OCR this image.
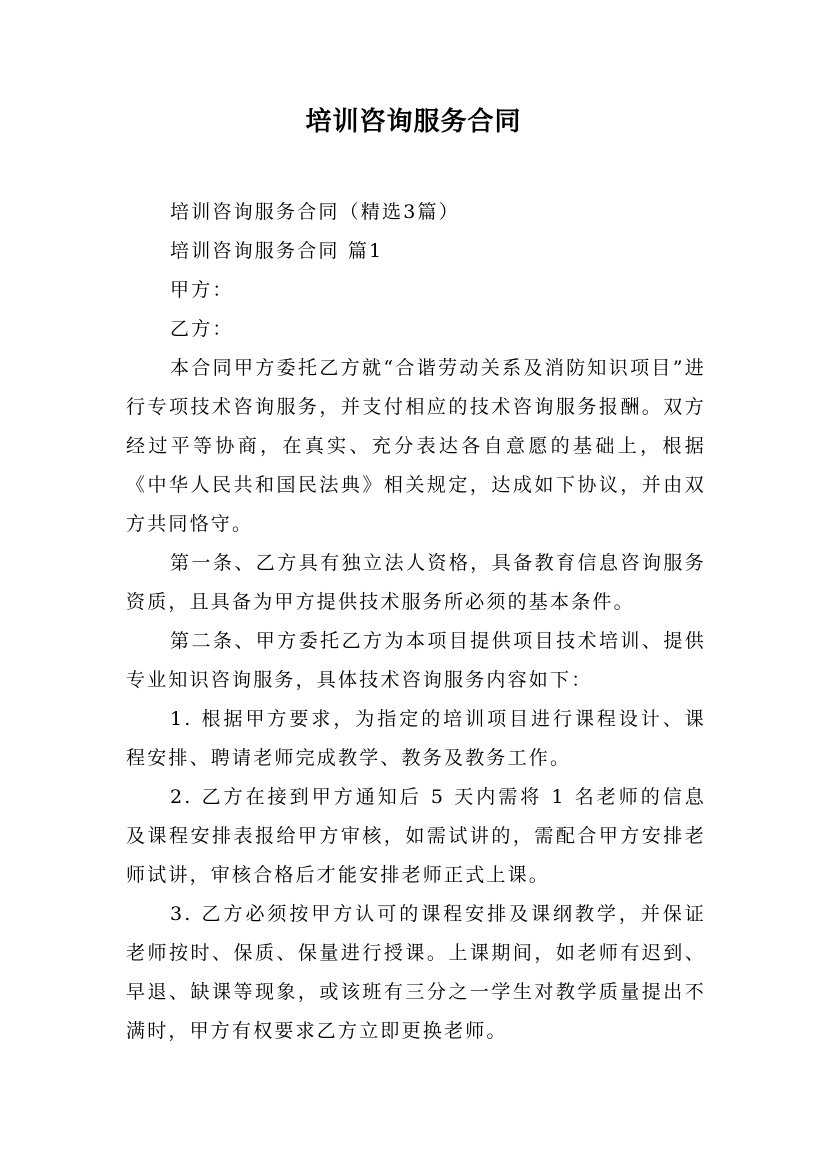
培训咨询服务合同

培训咨询服务合同（精选3篇）

培训咨询服务合同 篇1

甲方：

乙方：

本合同甲方委托乙方就“合谐劳动关系及消防知识项目”进行专项技术咨询服务，并支付相应的技术咨询服务报酬。双方经过平等协商，在真实、充分表达各自意愿的基础上，根据《中华人民共和国民法典》相关规定，达成如下协议，并由双方共同恪守。

第一条、乙方具有独立法人资格，具备教育信息咨询服务资质，且具备为甲方提供技术服务所必须的基本条件。

第二条、甲方委托乙方为本项目提供项目技术培训、提供专业知识咨询服务，具体技术咨询服务内容如下：

1. 根据甲方要求，为指定的培训项目进行课程设计、课程安排、聘请老师完成教学、教务及教务工作。

2. 乙方在接到甲方通知后 5 天内需将 1 名老师的信息及课程安排表报给甲方审核，如需试讲的，需配合甲方安排老师试讲，审核合格后才能安排老师正式上课。

3. 乙方必须按甲方认可的课程安排及课纲教学，并保证老师按时、保质、保量进行授课。上课期间，如老师有迟到、早退、缺课等现象，或该班有三分之一学生对教学质量提出不满时，甲方有权要求乙方立即更换老师。
